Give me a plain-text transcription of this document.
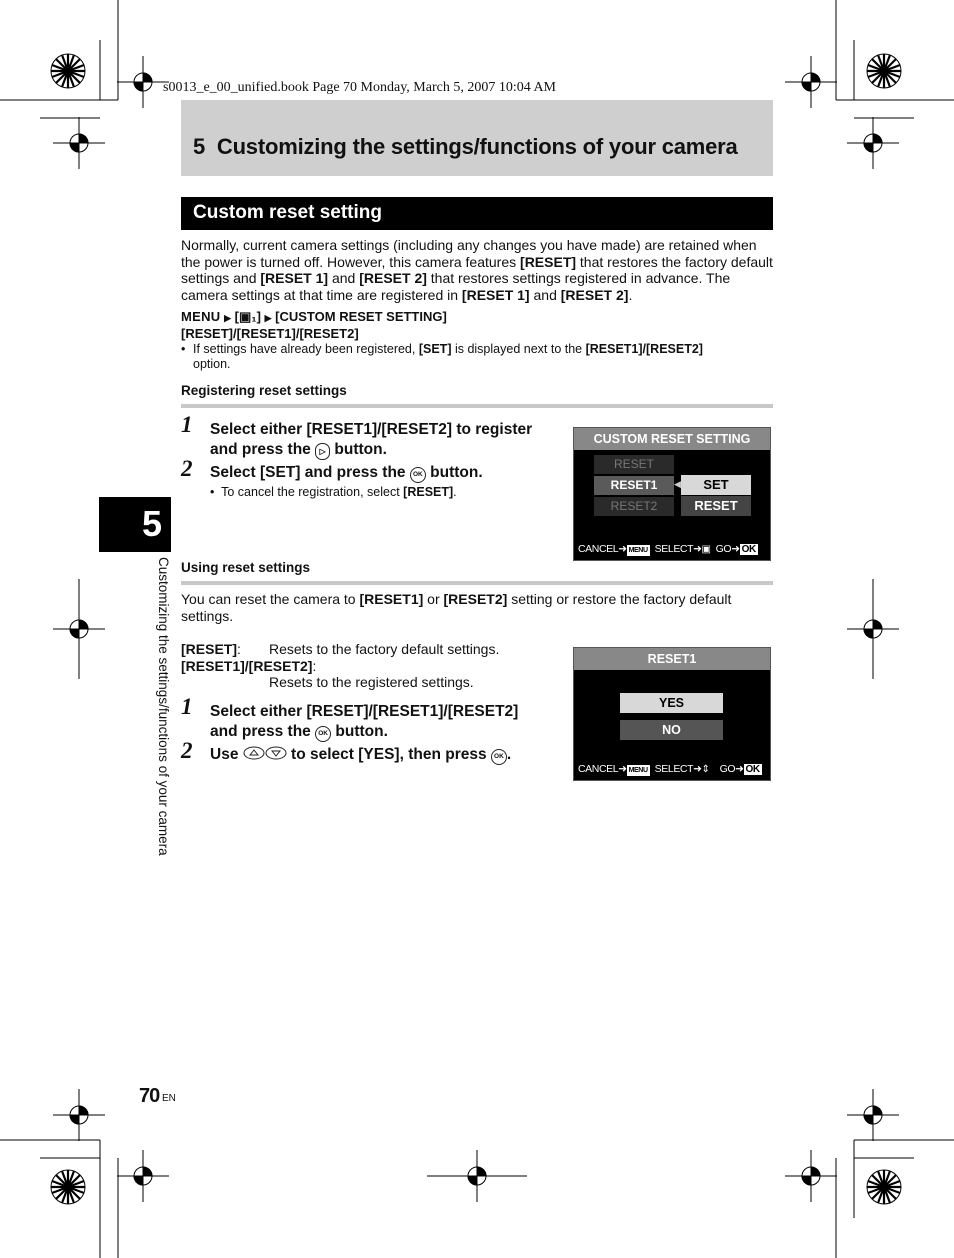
s0013_e_00_unified.book Page 70 Monday, March 5, 2007 10:04 AM
5 Customizing the settings/functions of your camera
Custom reset setting
Normally, current camera settings (including any changes you have made) are retained when the power is turned off. However, this camera features [RESET] that restores the factory default settings and [RESET 1] and [RESET 2] that restores settings registered in advance. The camera settings at that time are registered in [RESET 1] and [RESET 2].
MENU ▶ [▣₁] ▶ [CUSTOM RESET SETTING]
[RESET]/[RESET1]/[RESET2]
• If settings have already been registered, [SET] is displayed next to the [RESET1]/[RESET2]
option.
Registering reset settings
1 Select either [RESET1]/[RESET2] to register
and press the ▷ button.
2 Select [SET] and press the OK button.
• To cancel the registration, select [RESET].
CUSTOM RESET SETTING
RESET
RESET1
RESET2
◀	SET
RESET
CANCEL➜ MENU SELECT➜▣ GO➜ OK
Using reset settings
You can reset the camera to [RESET1] or [RESET2] setting or restore the factory default settings.
[RESET]: Resets to the factory default settings.
[RESET1]/[RESET2]:
Resets to the registered settings.
1 Select either [RESET]/[RESET1]/[RESET2]
and press the OK button.
2 Use	to select [YES], then press OK .
RESET1
YES
NO
CANCEL➜ MENU SELECT➜⇕ GO➜ OK
5
Customizing the settings/functions of your camera
70 EN
